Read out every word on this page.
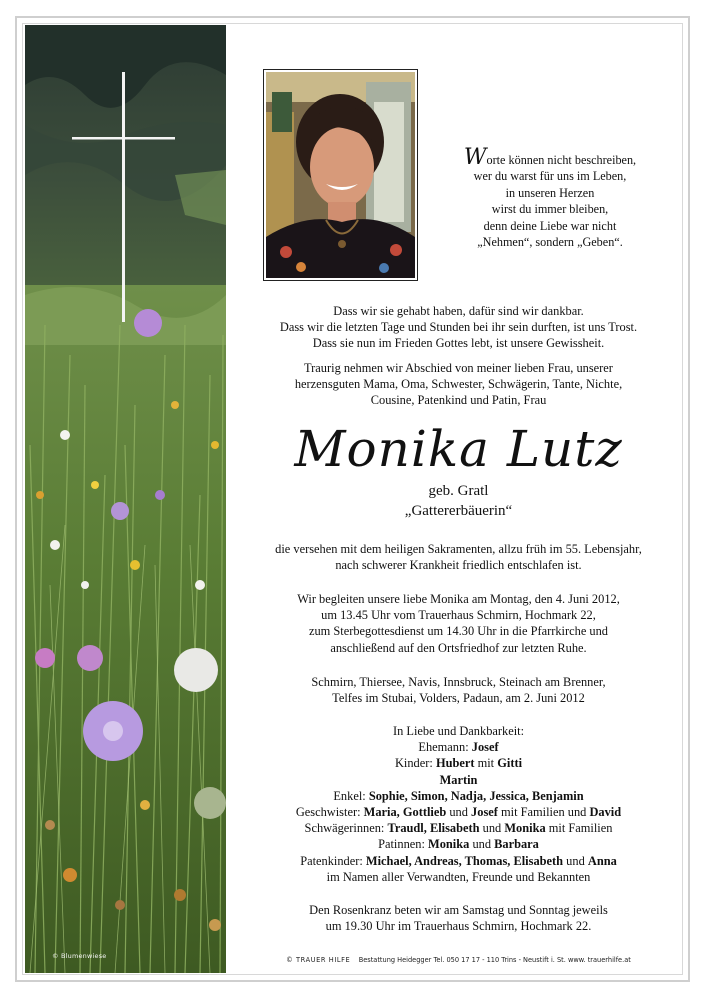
© Blumenwiese
Worte können nicht beschreiben,
wer du warst für uns im Leben,
in unseren Herzen
wirst du immer bleiben,
denn deine Liebe war nicht
„Nehmen“, sondern „Geben“.
Dass wir sie gehabt haben, dafür sind wir dankbar.
Dass wir die letzten Tage und Stunden bei ihr sein durften, ist uns Trost.
Dass sie nun im Frieden Gottes lebt, ist unsere Gewissheit.
Traurig nehmen wir Abschied von meiner lieben Frau, unserer
herzensguten Mama, Oma, Schwester, Schwägerin, Tante, Nichte,
Cousine, Patenkind und Patin, Frau
Monika Lutz
geb. Gratl
„Gattererbäuerin“
die versehen mit dem heiligen Sakramenten, allzu früh im 55. Lebensjahr,
nach schwerer Krankheit friedlich entschlafen ist.
Wir begleiten unsere liebe Monika am Montag, den 4. Juni 2012,
um 13.45 Uhr vom Trauerhaus Schmirn, Hochmark 22,
zum Sterbegottesdienst um 14.30 Uhr in die Pfarrkirche und
anschließend auf den Ortsfriedhof zur letzten Ruhe.
Schmirn, Thiersee, Navis, Innsbruck, Steinach am Brenner,
Telfes im Stubai, Volders, Padaun, am 2. Juni 2012
In Liebe und Dankbarkeit:
Ehemann: Josef
Kinder: Hubert mit Gitti
Martin
Enkel: Sophie, Simon, Nadja, Jessica, Benjamin
Geschwister: Maria, Gottlieb und Josef mit Familien und David
Schwägerinnen: Traudl, Elisabeth und Monika mit Familien
Patinnen: Monika und Barbara
Patenkinder: Michael, Andreas, Thomas, Elisabeth und Anna
im Namen aller Verwandten, Freunde und Bekannten
Den Rosenkranz beten wir am Samstag und Sonntag jeweils
um 19.30 Uhr im Trauerhaus Schmirn, Hochmark 22.
© TRAUER HILFE Bestattung Heidegger Tel. 050 17 17 - 110 Trins - Neustift i. St. www. trauerhilfe.at
